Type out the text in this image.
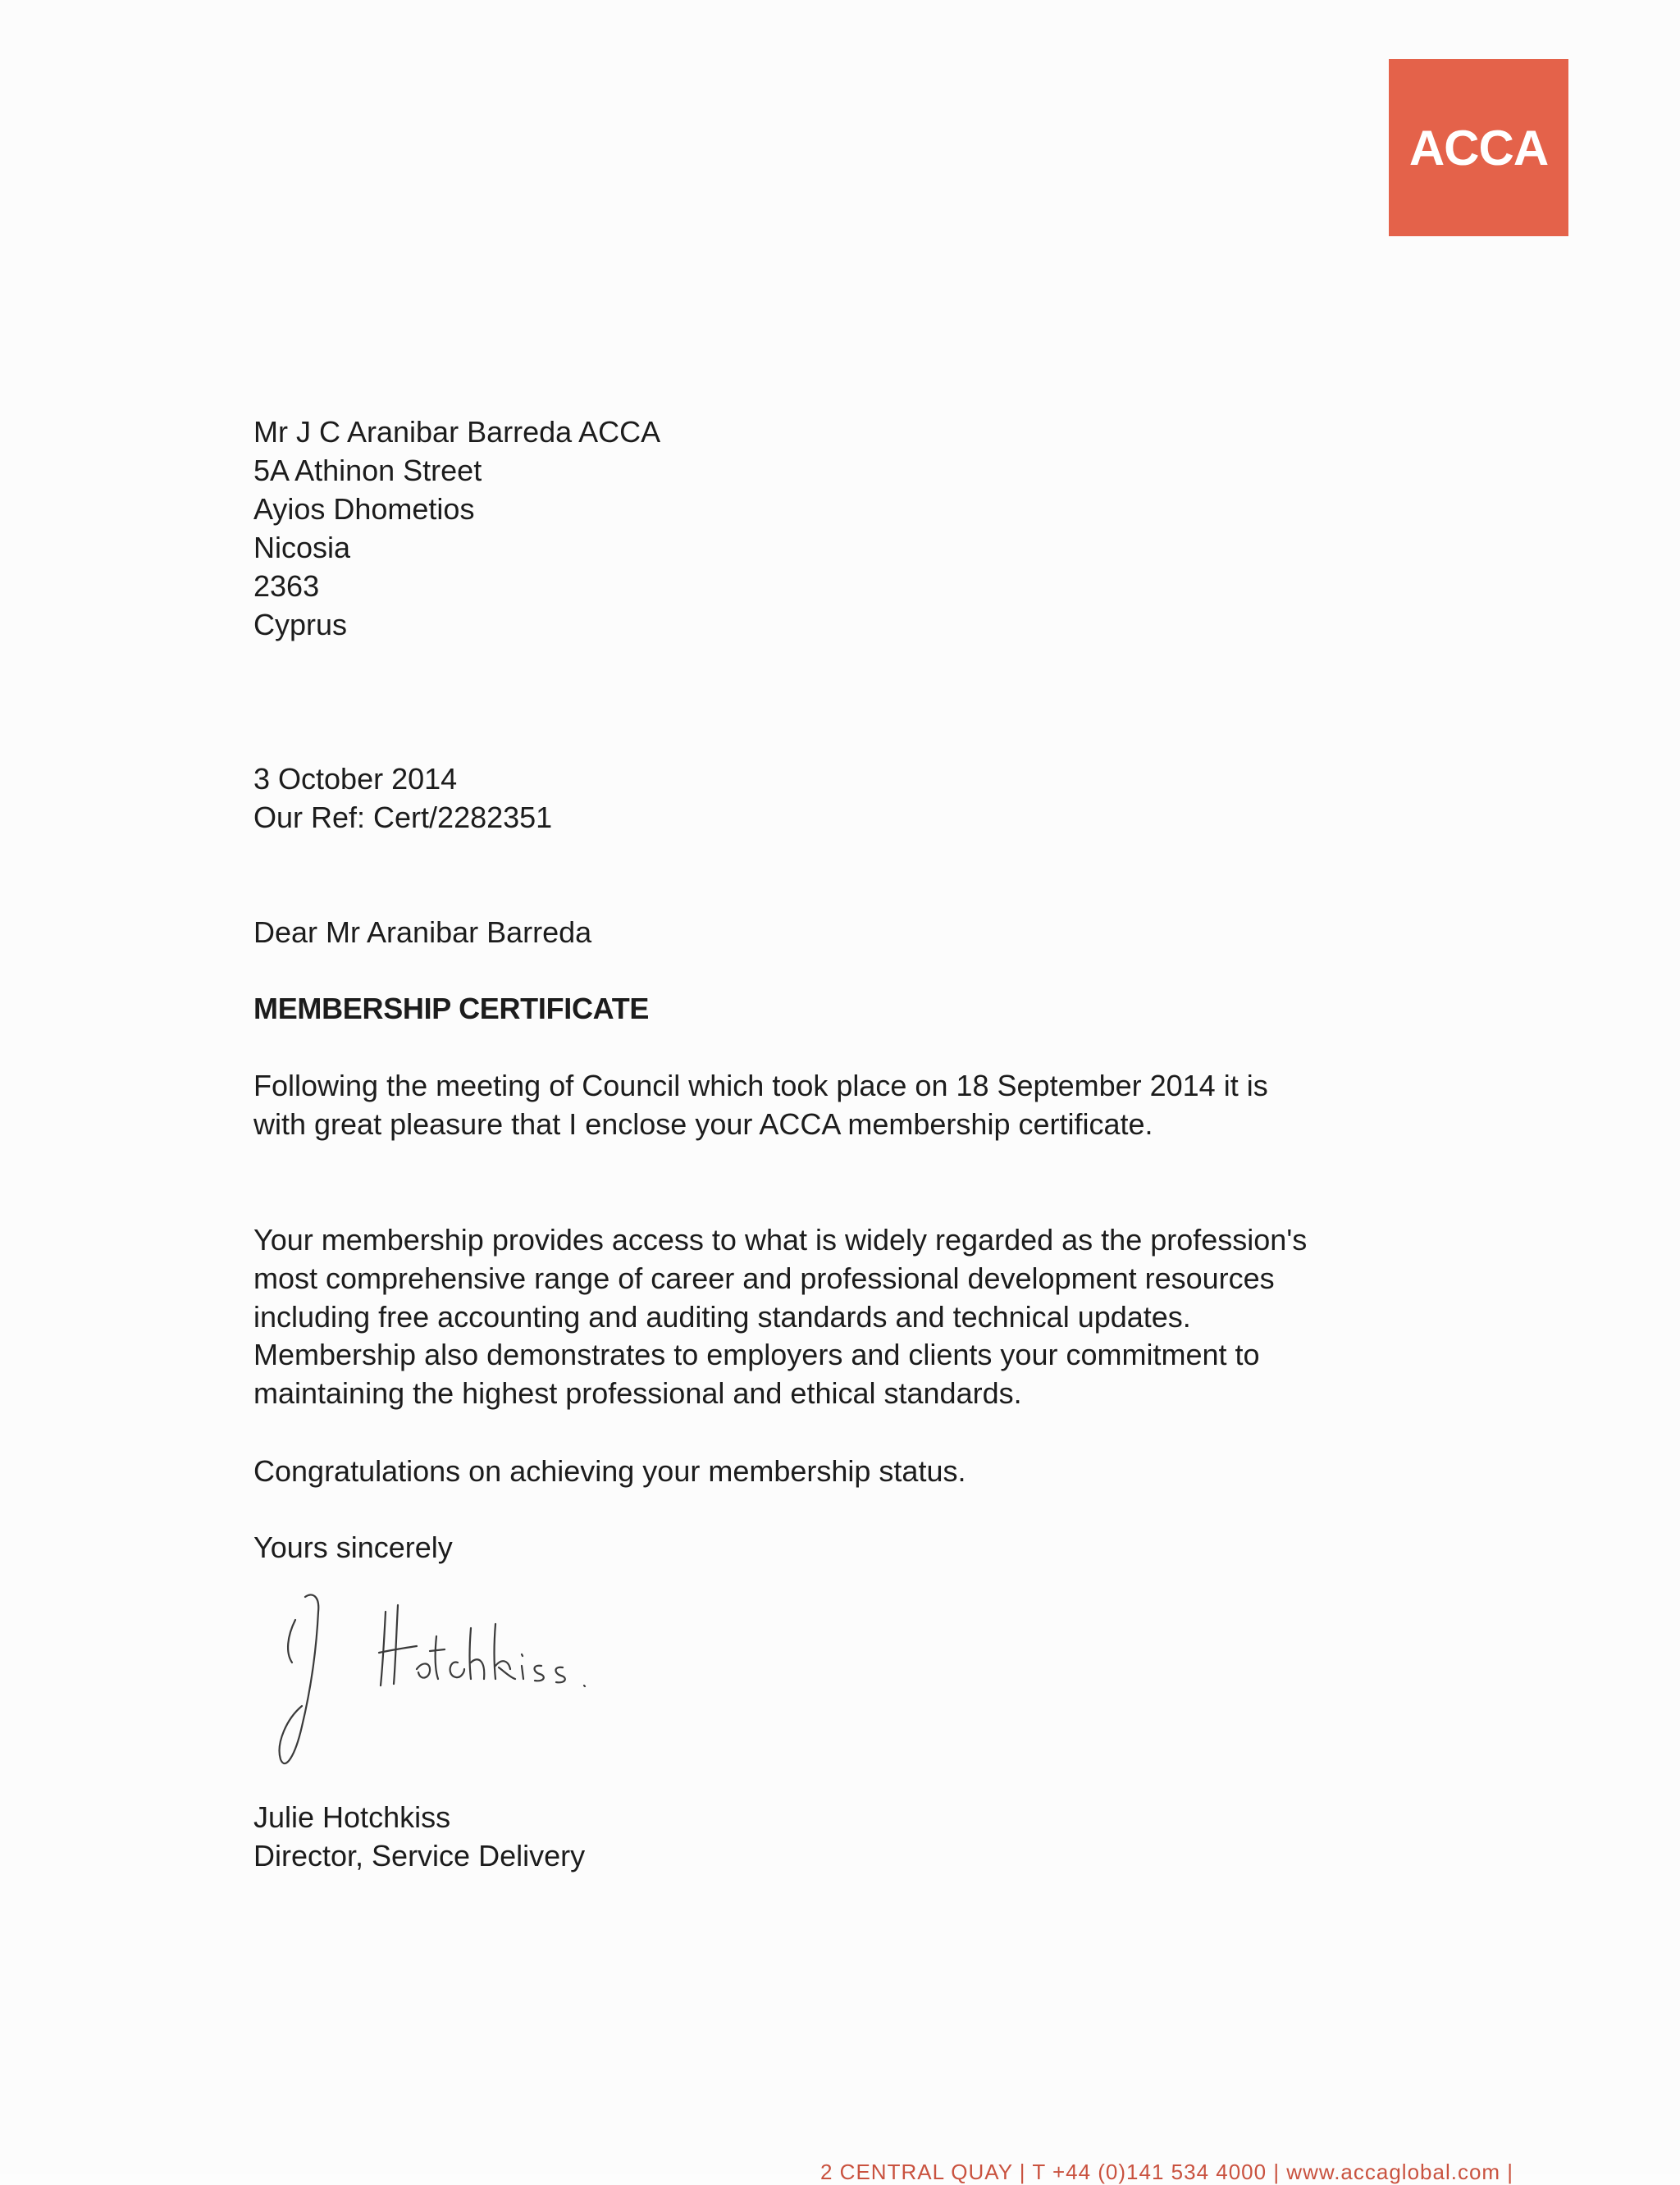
ACCA
Mr J C Aranibar Barreda ACCA
5A Athinon Street
Ayios Dhometios
Nicosia
2363
Cyprus
3 October 2014
Our Ref: Cert/2282351
Dear Mr Aranibar Barreda
MEMBERSHIP CERTIFICATE
Following the meeting of Council which took place on 18 September 2014 it is
with great pleasure that I enclose your ACCA membership certificate.
Your membership provides access to what is widely regarded as the profession's
most comprehensive range of career and professional development resources
including free accounting and auditing standards and technical updates.
Membership also demonstrates to employers and clients your commitment to
maintaining the highest professional and ethical standards.
Congratulations on achieving your membership status.
Yours sincerely
Julie Hotchkiss
Director, Service Delivery
2 CENTRAL QUAY | T +44 (0)141 534 4000 | www.accaglobal.com |
